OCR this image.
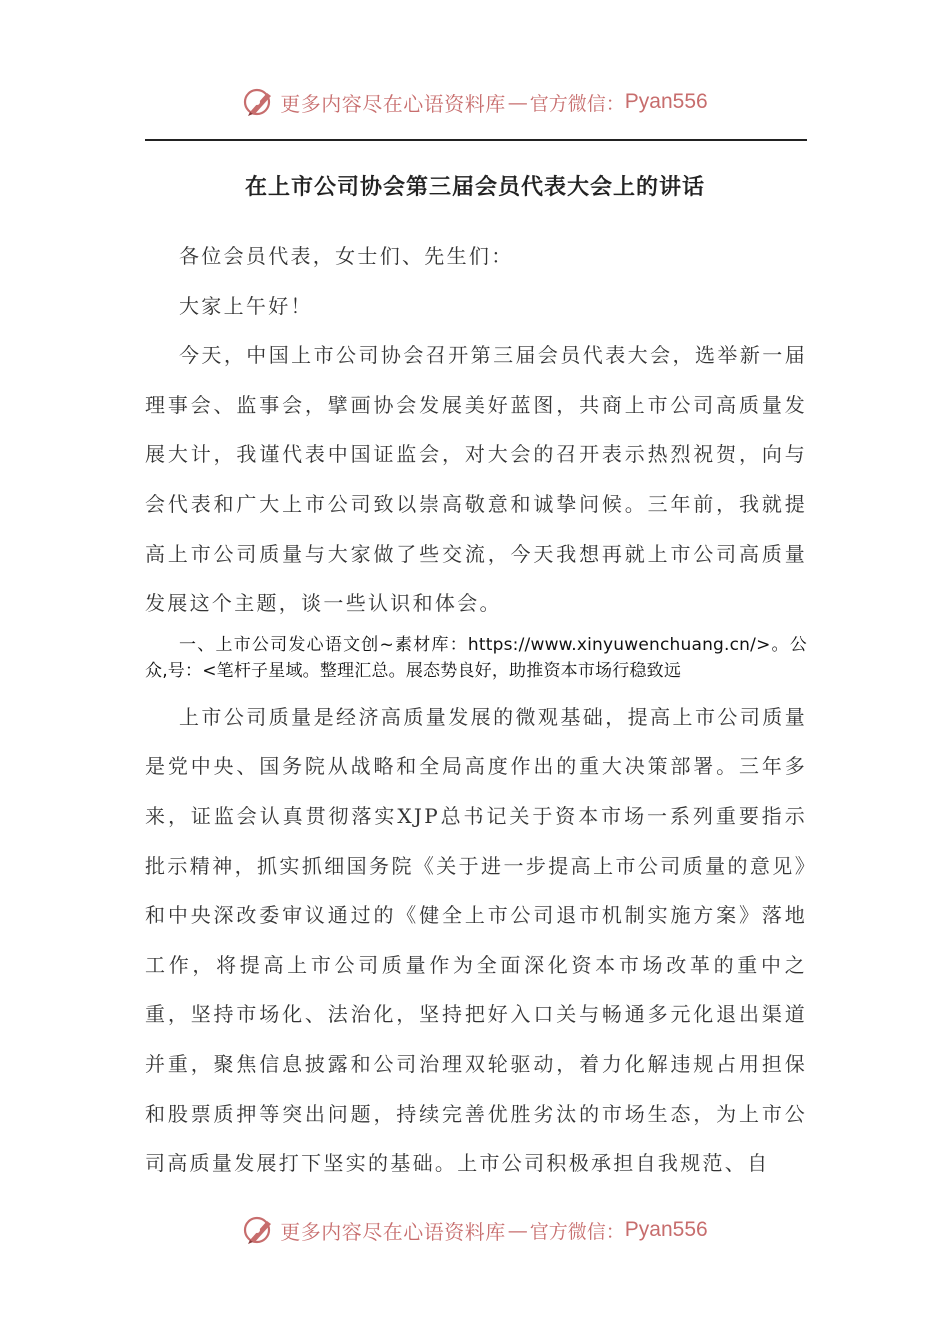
更多内容尽在心语资料库 — 官方微信： Pyan556
在上市公司协会第三届会员代表大会上的讲话

各位会员代表，女士们、先生们：

大家上午好！

今天，中国上市公司协会召开第三届会员代表大会，选举新一届理事会、监事会，擘画协会发展美好蓝图，共商上市公司高质量发展大计，我谨代表中国证监会，对大会的召开表示热烈祝贺，向与会代表和广大上市公司致以崇高敬意和诚挚问候。三年前，我就提高上市公司质量与大家做了些交流，今天我想再就上市公司高质量发展这个主题，谈一些认识和体会。

一、上市公司发心语文创~素材库：https://www.xinyuwenchuang.cn/>。公众,号：<笔杆子星域。整理汇总。展态势良好，助推资本市场行稳致远

上市公司质量是经济高质量发展的微观基础，提高上市公司质量是党中央、国务院从战略和全局高度作出的重大决策部署。三年多来，证监会认真贯彻落实XJP总书记关于资本市场一系列重要指示批示精神，抓实抓细国务院《关于进一步提高上市公司质量的意见》和中央深改委审议通过的《健全上市公司退市机制实施方案》落地工作，将提高上市公司质量作为全面深化资本市场改革的重中之重，坚持市场化、法治化，坚持把好入口关与畅通多元化退出渠道并重，聚焦信息披露和公司治理双轮驱动，着力化解违规占用担保和股票质押等突出问题，持续完善优胜劣汰的市场生态，为上市公司高质量发展打下坚实的基础。上市公司积极承担自我规范、自

更多内容尽在心语资料库 — 官方微信： Pyan556
